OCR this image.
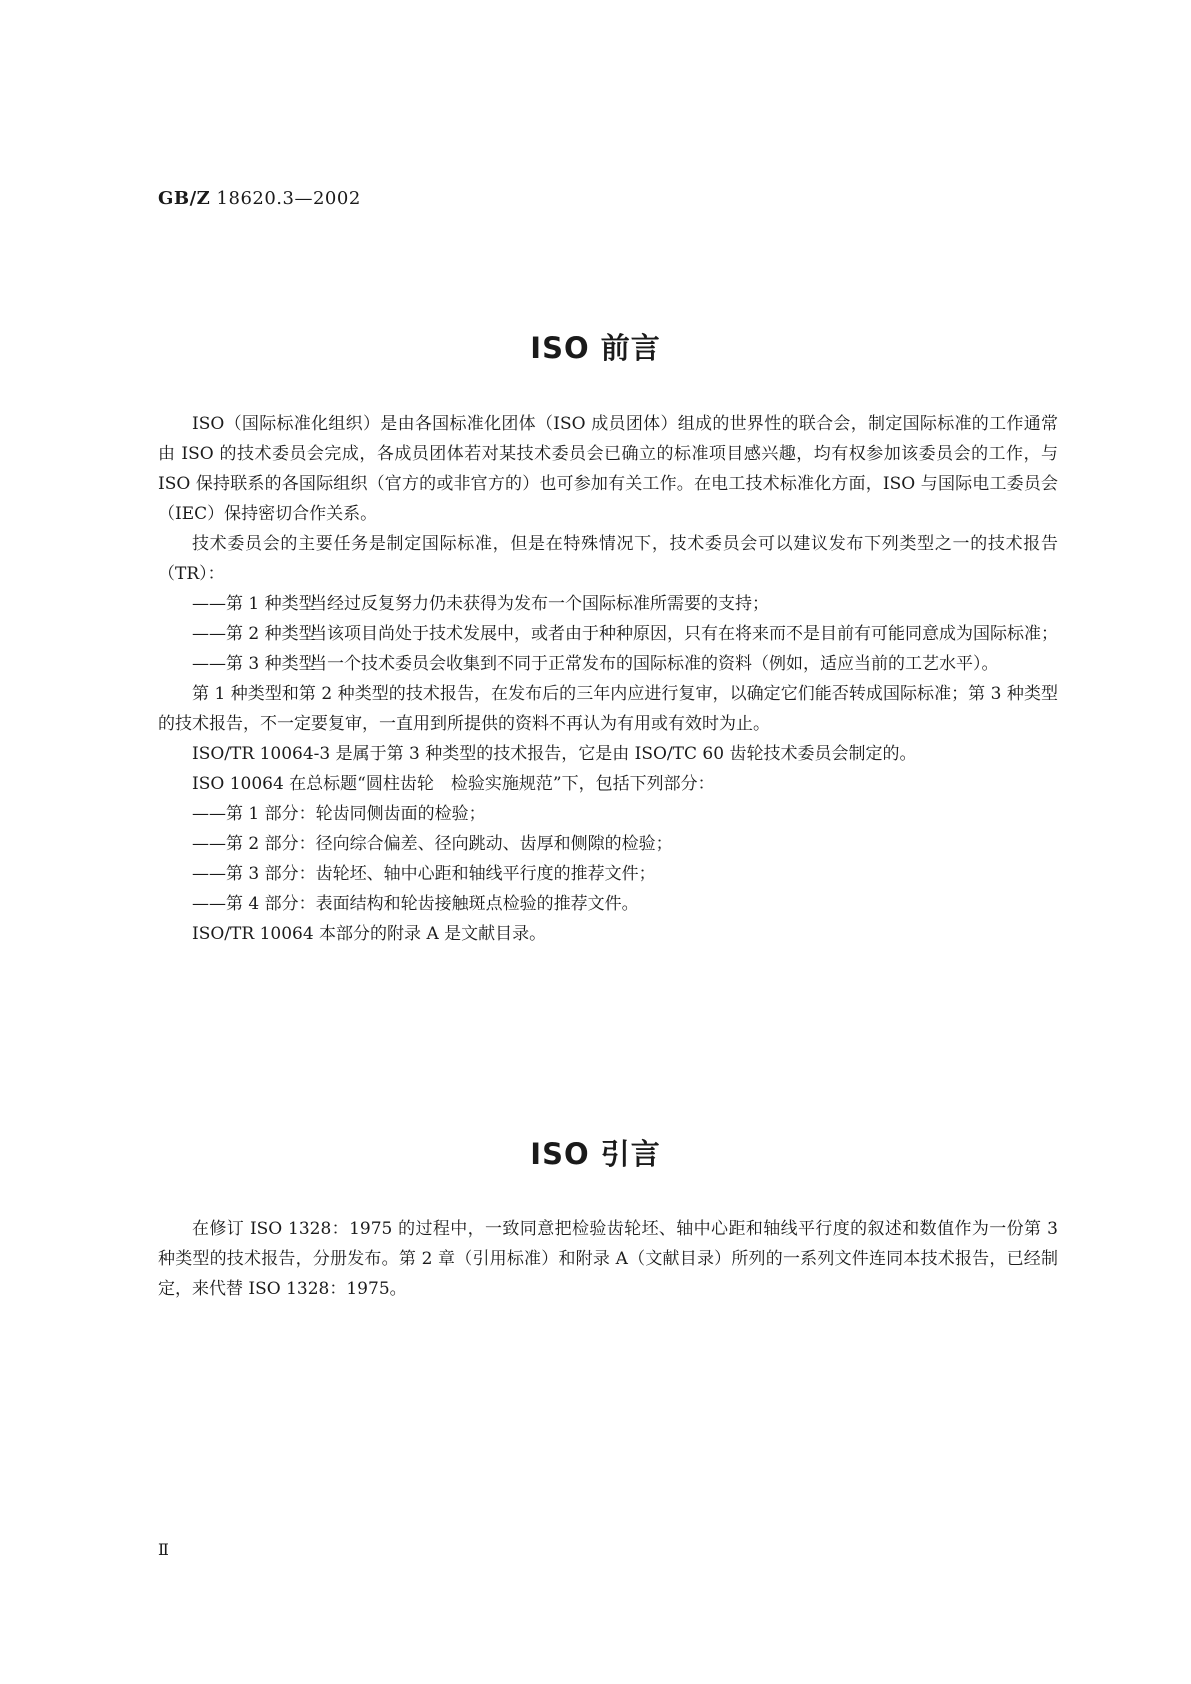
GB/Z 18620.3—2002
ISO 前言

ISO（国际标准化组织）是由各国标准化团体（ISO 成员团体）组成的世界性的联合会，制定国际标准的工作通常由 ISO 的技术委员会完成，各成员团体若对某技术委员会已确立的标准项目感兴趣，均有权参加该委员会的工作，与 ISO 保持联系的各国际组织（官方的或非官方的）也可参加有关工作。在电工技术标准化方面，ISO 与国际电工委员会（IEC）保持密切合作关系。

技术委员会的主要任务是制定国际标准，但是在特殊情况下，技术委员会可以建议发布下列类型之一的技术报告（TR）：

——第 1 种类型
当经过反复努力仍未获得为发布一个国际标准所需要的支持；
——第 2 种类型
当该项目尚处于技术发展中，或者由于种种原因，只有在将来而不是目前有可能同意成为国际标准；
——第 3 种类型
当一个技术委员会收集到不同于正常发布的国际标准的资料（例如，适应当前的工艺水平）。

第 1 种类型和第 2 种类型的技术报告，在发布后的三年内应进行复审，以确定它们能否转成国际标准；第 3 种类型的技术报告，不一定要复审，一直用到所提供的资料不再认为有用或有效时为止。

ISO/TR 10064-3 是属于第 3 种类型的技术报告，它是由 ISO/TC 60 齿轮技术委员会制定的。

ISO 10064 在总标题“圆柱齿轮　检验实施规范”下，包括下列部分：

——第 1 部分：轮齿同侧齿面的检验；

——第 2 部分：径向综合偏差、径向跳动、齿厚和侧隙的检验；

——第 3 部分：齿轮坯、轴中心距和轴线平行度的推荐文件；

——第 4 部分：表面结构和轮齿接触斑点检验的推荐文件。

ISO/TR 10064 本部分的附录 A 是文献目录。

ISO 引言

在修订 ISO 1328：1975 的过程中，一致同意把检验齿轮坯、轴中心距和轴线平行度的叙述和数值作为一份第 3 种类型的技术报告，分册发布。第 2 章（引用标准）和附录 A（文献目录）所列的一系列文件连同本技术报告，已经制定，来代替 ISO 1328：1975。

Ⅱ
